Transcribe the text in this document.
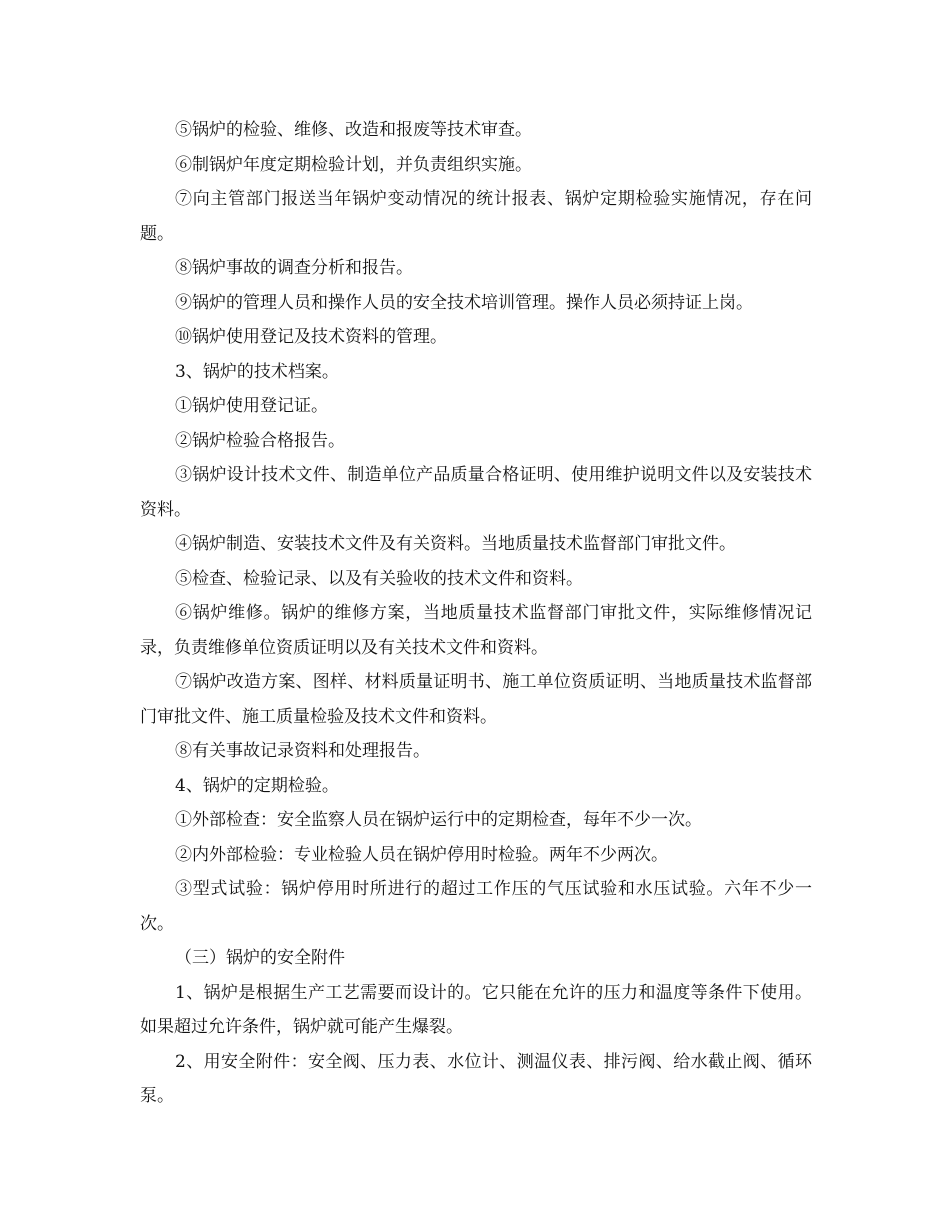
⑤锅炉的检验、维修、改造和报废等技术审查。

⑥制锅炉年度定期检验计划，并负责组织实施。

⑦向主管部门报送当年锅炉变动情况的统计报表、锅炉定期检验实施情况，存在问题。

⑧锅炉事故的调查分析和报告。

⑨锅炉的管理人员和操作人员的安全技术培训管理。操作人员必须持证上岗。

⑩锅炉使用登记及技术资料的管理。

3、锅炉的技术档案。

①锅炉使用登记证。

②锅炉检验合格报告。

③锅炉设计技术文件、制造单位产品质量合格证明、使用维护说明文件以及安装技术资料。

④锅炉制造、安装技术文件及有关资料。当地质量技术监督部门审批文件。

⑤检查、检验记录、以及有关验收的技术文件和资料。

⑥锅炉维修。锅炉的维修方案，当地质量技术监督部门审批文件，实际维修情况记录，负责维修单位资质证明以及有关技术文件和资料。

⑦锅炉改造方案、图样、材料质量证明书、施工单位资质证明、当地质量技术监督部门审批文件、施工质量检验及技术文件和资料。

⑧有关事故记录资料和处理报告。

4、锅炉的定期检验。

①外部检查：安全监察人员在锅炉运行中的定期检查，每年不少一次。

②内外部检验：专业检验人员在锅炉停用时检验。两年不少两次。

③型式试验：锅炉停用时所进行的超过工作压的气压试验和水压试验。六年不少一次。

（三）锅炉的安全附件

1、锅炉是根据生产工艺需要而设计的。它只能在允许的压力和温度等条件下使用。如果超过允许条件，锅炉就可能产生爆裂。

2、用安全附件：安全阀、压力表、水位计、测温仪表、排污阀、给水截止阀、循环泵。
